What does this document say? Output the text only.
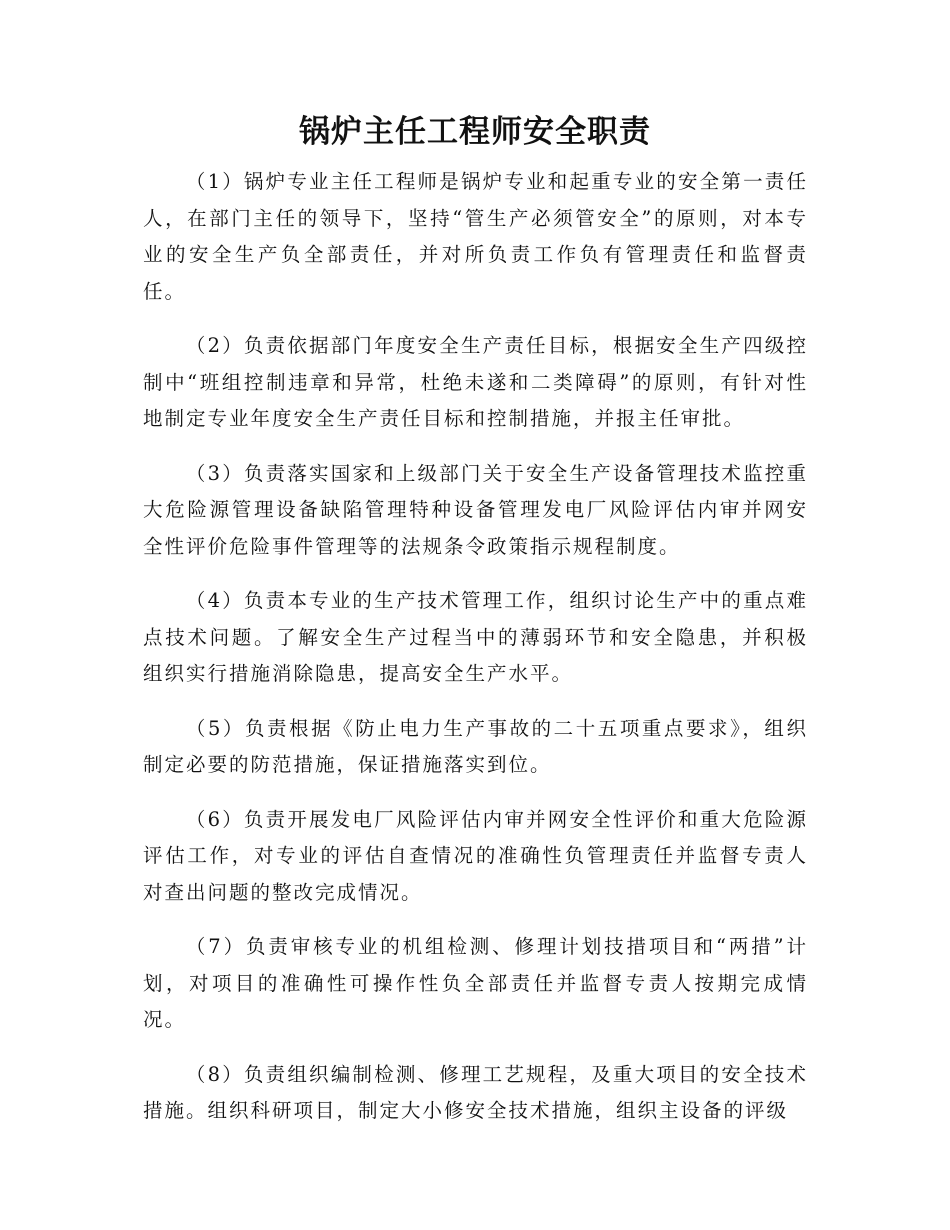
锅炉主任工程师安全职责

（1）锅炉专业主任工程师是锅炉专业和起重专业的安全第一责任人，在部门主任的领导下，坚持“管生产必须管安全”的原则，对本专业的安全生产负全部责任，并对所负责工作负有管理责任和监督责任。

（2）负责依据部门年度安全生产责任目标，根据安全生产四级控制中“班组控制违章和异常，杜绝未遂和二类障碍”的原则，有针对性地制定专业年度安全生产责任目标和控制措施，并报主任审批。

（3）负责落实国家和上级部门关于安全生产设备管理技术监控重大危险源管理设备缺陷管理特种设备管理发电厂风险评估内审并网安全性评价危险事件管理等的法规条令政策指示规程制度。

（4）负责本专业的生产技术管理工作，组织讨论生产中的重点难点技术问题。了解安全生产过程当中的薄弱环节和安全隐患，并积极组织实行措施消除隐患，提高安全生产水平。

（5）负责根据《防止电力生产事故的二十五项重点要求》，组织制定必要的防范措施，保证措施落实到位。

（6）负责开展发电厂风险评估内审并网安全性评价和重大危险源评估工作，对专业的评估自查情况的准确性负管理责任并监督专责人对查出问题的整改完成情况。

（7）负责审核专业的机组检测、修理计划技措项目和“两措”计划，对项目的准确性可操作性负全部责任并监督专责人按期完成情况。

（8）负责组织编制检测、修理工艺规程，及重大项目的安全技术措施。组织科研项目，制定大小修安全技术措施，组织主设备的评级
